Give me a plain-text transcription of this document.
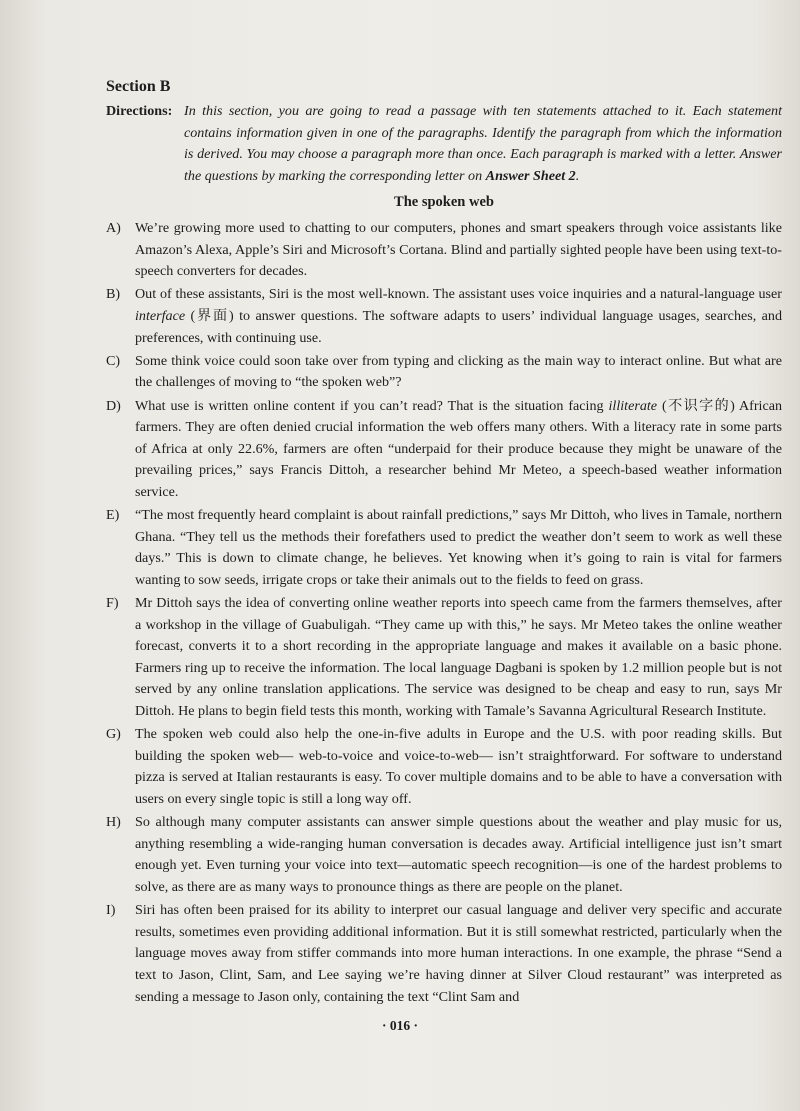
Section B
Directions: In this section, you are going to read a passage with ten statements attached to it. Each statement contains information given in one of the paragraphs. Identify the paragraph from which the information is derived. You may choose a paragraph more than once. Each paragraph is marked with a letter. Answer the questions by marking the corresponding letter on Answer Sheet 2.
The spoken web
A) We’re growing more used to chatting to our computers, phones and smart speakers through voice assistants like Amazon’s Alexa, Apple’s Siri and Microsoft’s Cortana. Blind and partially sighted people have been using text-to-speech converters for decades.
B) Out of these assistants, Siri is the most well-known. The assistant uses voice inquiries and a natural-language user interface (界面) to answer questions. The software adapts to users’ individual language usages, searches, and preferences, with continuing use.
C) Some think voice could soon take over from typing and clicking as the main way to interact online. But what are the challenges of moving to “the spoken web”?
D) What use is written online content if you can’t read? That is the situation facing illiterate (不识字的) African farmers. They are often denied crucial information the web offers many others. With a literacy rate in some parts of Africa at only 22.6%, farmers are often “underpaid for their produce because they might be unaware of the prevailing prices,” says Francis Dittoh, a researcher behind Mr Meteo, a speech-based weather information service.
E) “The most frequently heard complaint is about rainfall predictions,” says Mr Dittoh, who lives in Tamale, northern Ghana. “They tell us the methods their forefathers used to predict the weather don’t seem to work as well these days.” This is down to climate change, he believes. Yet knowing when it’s going to rain is vital for farmers wanting to sow seeds, irrigate crops or take their animals out to the fields to feed on grass.
F) Mr Dittoh says the idea of converting online weather reports into speech came from the farmers themselves, after a workshop in the village of Guabuligah. “They came up with this,” he says. Mr Meteo takes the online weather forecast, converts it to a short recording in the appropriate language and makes it available on a basic phone. Farmers ring up to receive the information. The local language Dagbani is spoken by 1.2 million people but is not served by any online translation applications. The service was designed to be cheap and easy to run, says Mr Dittoh. He plans to begin field tests this month, working with Tamale’s Savanna Agricultural Research Institute.
G) The spoken web could also help the one-in-five adults in Europe and the U.S. with poor reading skills. But building the spoken web— web-to-voice and voice-to-web— isn’t straightforward. For software to understand pizza is served at Italian restaurants is easy. To cover multiple domains and to be able to have a conversation with users on every single topic is still a long way off.
H) So although many computer assistants can answer simple questions about the weather and play music for us, anything resembling a wide-ranging human conversation is decades away. Artificial intelligence just isn’t smart enough yet. Even turning your voice into text—automatic speech recognition—is one of the hardest problems to solve, as there are as many ways to pronounce things as there are people on the planet.
I) Siri has often been praised for its ability to interpret our casual language and deliver very specific and accurate results, sometimes even providing additional information. But it is still somewhat restricted, particularly when the language moves away from stiffer commands into more human interactions. In one example, the phrase “Send a text to Jason, Clint, Sam, and Lee saying we’re having dinner at Silver Cloud restaurant” was interpreted as sending a message to Jason only, containing the text “Clint Sam and
· 016 ·
